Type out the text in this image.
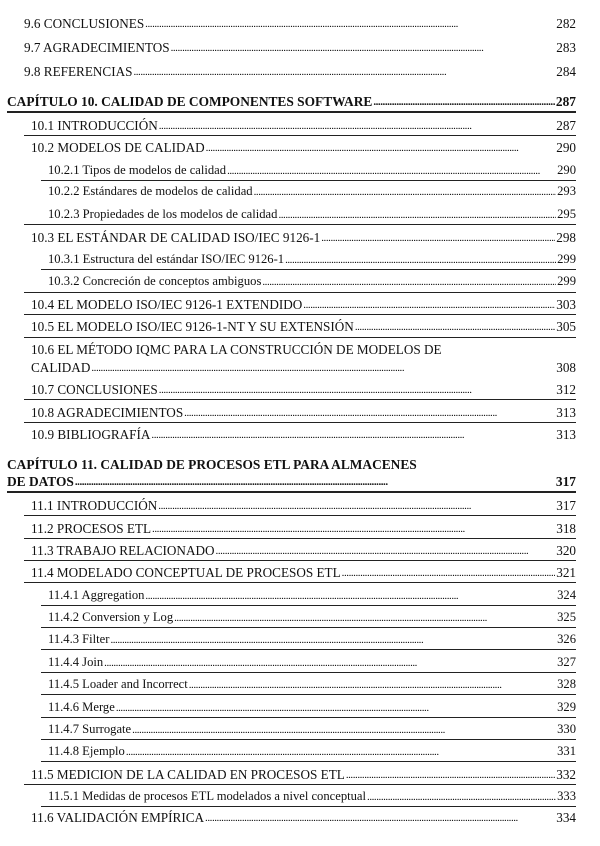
9.6 CONCLUSIONES . . .	282
9.7 AGRADECIMIENTOS . . .	283
9.8 REFERENCIAS . . .	284
CAPÍTULO 10. CALIDAD DE COMPONENTES SOFTWARE . . .	287
10.1 INTRODUCCIÓN . . .	287
10.2 MODELOS DE CALIDAD . . .	290
10.2.1 Tipos de modelos de calidad . . .	290
10.2.2 Estándares de modelos de calidad . . .	293
10.2.3 Propiedades de los modelos de calidad . . .	295
10.3 EL ESTÁNDAR DE CALIDAD ISO/IEC 9126-1 . . .	298
10.3.1 Estructura del estándar ISO/IEC 9126-1 . . .	299
10.3.2 Concreción de conceptos ambiguos . . .	299
10.4 EL MODELO ISO/IEC 9126-1 EXTENDIDO . . .	303
10.5 EL MODELO ISO/IEC 9126-1-NT Y SU EXTENSIÓN . . .	305
10.6 EL MÉTODO IQMC PARA LA CONSTRUCCIÓN DE MODELOS DE
CALIDAD . . .	308
10.7 CONCLUSIONES . . .	312
10.8 AGRADECIMIENTOS . . .	313
10.9 BIBLIOGRAFÍA . . .	313
CAPÍTULO 11. CALIDAD DE PROCESOS ETL PARA ALMACENES
DE DATOS . . .	317
11.1 INTRODUCCIÓN . . .	317
11.2 PROCESOS ETL . . .	318
11.3 TRABAJO RELACIONADO . . .	320
11.4 MODELADO CONCEPTUAL DE PROCESOS ETL . . .	321
11.4.1 Aggregation . . .	324
11.4.2 Conversion y Log . . .	325
11.4.3 Filter . . .	326
11.4.4 Join . . .	327
11.4.5 Loader and Incorrect . . .	328
11.4.6 Merge . . .	329
11.4.7 Surrogate . . .	330
11.4.8 Ejemplo . . .	331
11.5 MEDICION DE LA CALIDAD EN PROCESOS ETL . . .	332
11.5.1 Medidas de procesos ETL modelados a nivel conceptual . . .	333
11.6 VALIDACIÓN EMPÍRICA . . .	334
